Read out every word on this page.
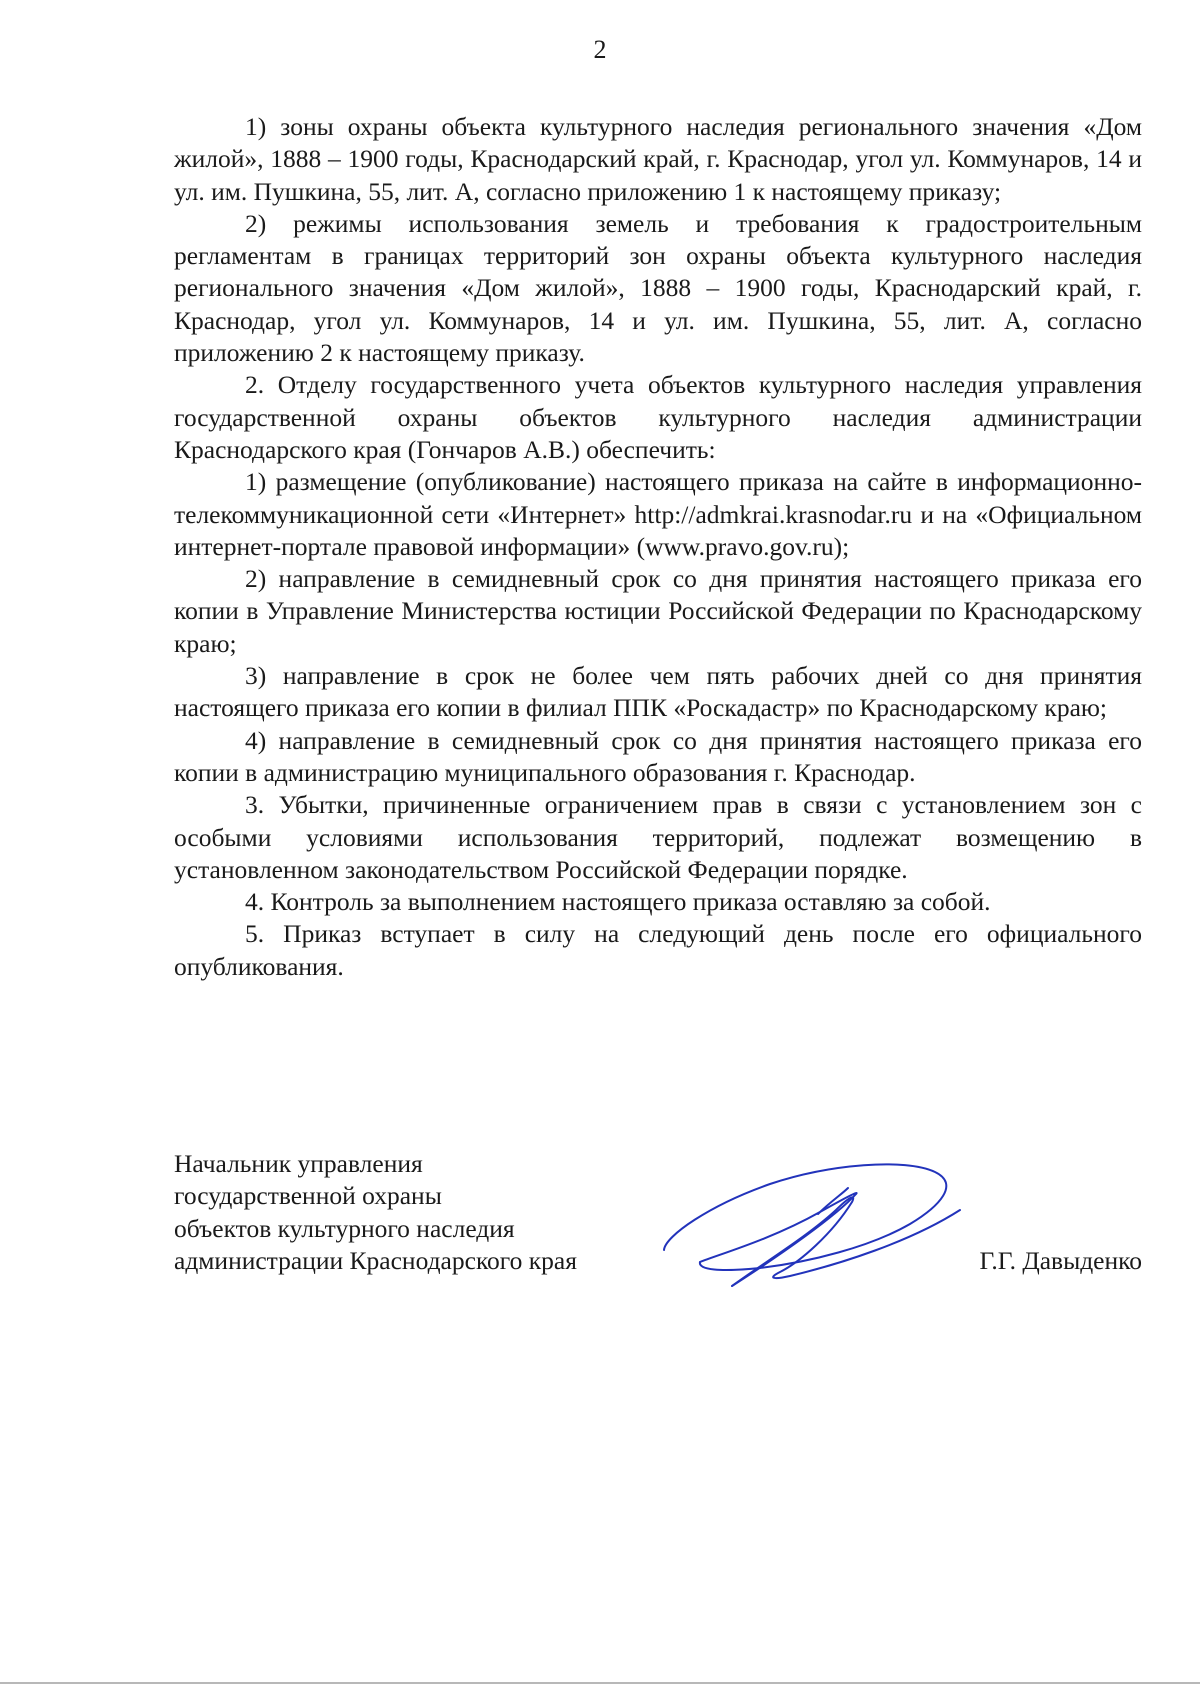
2

1) зоны охраны объекта культурного наследия регионального значения «Дом жилой», 1888 – 1900 годы, Краснодарский край, г. Краснодар, угол ул. Коммунаров, 14 и ул. им. Пушкина, 55, лит. А, согласно приложению 1 к настоящему приказу;

2) режимы использования земель и требования к градостроительным регламентам в границах территорий зон охраны объекта культурного наследия регионального значения «Дом жилой», 1888 – 1900 годы, Краснодарский край, г. Краснодар, угол ул. Коммунаров, 14 и ул. им. Пушкина, 55, лит. А, согласно приложению 2 к настоящему приказу.

2. Отделу государственного учета объектов культурного наследия управления государственной охраны объектов культурного наследия администрации Краснодарского края (Гончаров А.В.) обеспечить:

1) размещение (опубликование) настоящего приказа на сайте в информационно-телекоммуникационной сети «Интернет» http://admkrai.krasnodar.ru и на «Официальном интернет-портале правовой информации» (www.pravo.gov.ru);

2) направление в семидневный срок со дня принятия настоящего приказа его копии в Управление Министерства юстиции Российской Федерации по Краснодарскому краю;

3) направление в срок не более чем пять рабочих дней со дня принятия настоящего приказа его копии в филиал ППК «Роскадастр» по Краснодарскому краю;

4) направление в семидневный срок со дня принятия настоящего приказа его копии в администрацию муниципального образования г. Краснодар.

3. Убытки, причиненные ограничением прав в связи с установлением зон с особыми условиями использования территорий, подлежат возмещению в установленном законодательством Российской Федерации порядке.

4. Контроль за выполнением настоящего приказа оставляю за собой.

5. Приказ вступает в силу на следующий день после его официального опубликования.

Начальник управления
государственной охраны
объектов культурного наследия
администрации Краснодарского края	Г.Г. Давыденко
